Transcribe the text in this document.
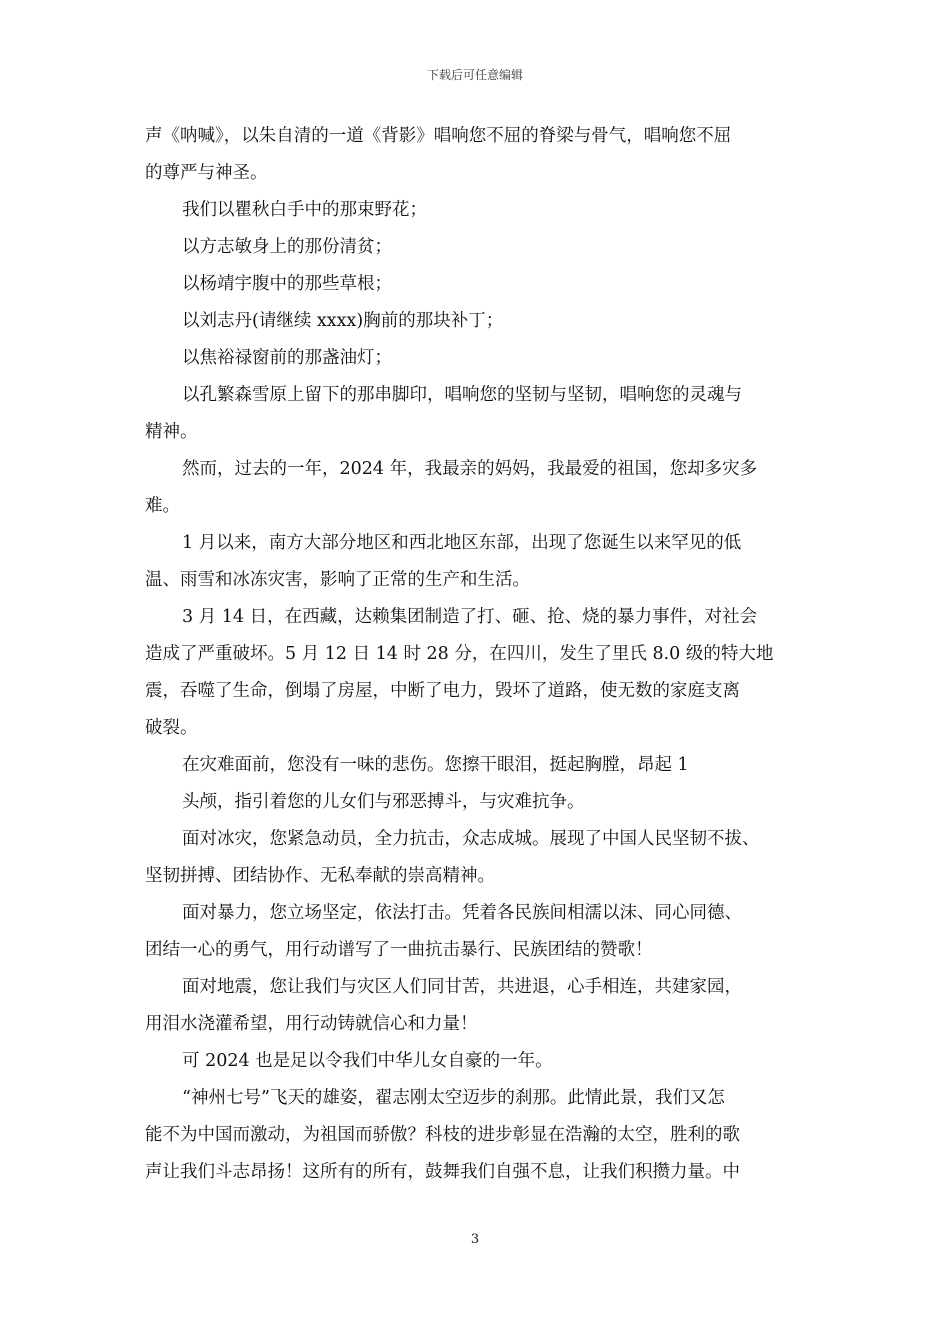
下载后可任意编辑
声《呐喊》，以朱自清的一道《背影》唱响您不屈的脊梁与骨气，唱响您不屈
的尊严与神圣。
我们以瞿秋白手中的那束野花；
以方志敏身上的那份清贫；
以杨靖宇腹中的那些草根；
以刘志丹(请继续 xxxx)胸前的那块补丁；
以焦裕禄窗前的那盏油灯；
以孔繁森雪原上留下的那串脚印，唱响您的坚韧与坚韧，唱响您的灵魂与
精神。
然而，过去的一年，2024 年，我最亲的妈妈，我最爱的祖国，您却多灾多
难。
1 月以来，南方大部分地区和西北地区东部，出现了您诞生以来罕见的低
温、雨雪和冰冻灾害，影响了正常的生产和生活。
3 月 14 日，在西藏，达赖集团制造了打、砸、抢、烧的暴力事件，对社会
造成了严重破坏。5 月 12 日 14 时 28 分，在四川，发生了里氏 8.0 级的特大地
震，吞噬了生命，倒塌了房屋，中断了电力，毁坏了道路，使无数的家庭支离
破裂。
在灾难面前，您没有一味的悲伤。您擦干眼泪，挺起胸膛，昂起 1
头颅，指引着您的儿女们与邪恶搏斗，与灾难抗争。
面对冰灾，您紧急动员，全力抗击，众志成城。展现了中国人民坚韧不拔、
坚韧拼搏、团结协作、无私奉献的崇高精神。
面对暴力，您立场坚定，依法打击。凭着各民族间相濡以沫、同心同德、
团结一心的勇气，用行动谱写了一曲抗击暴行、民族团结的赞歌！
面对地震，您让我们与灾区人们同甘苦，共进退，心手相连，共建家园，
用泪水浇灌希望，用行动铸就信心和力量！
可 2024 也是足以令我们中华儿女自豪的一年。
“神州七号”飞天的雄姿，翟志刚太空迈步的刹那。此情此景，我们又怎
能不为中国而激动，为祖国而骄傲？科枝的进步彰显在浩瀚的太空，胜利的歌
声让我们斗志昂扬！这所有的所有，鼓舞我们自强不息，让我们积攒力量。中
3
